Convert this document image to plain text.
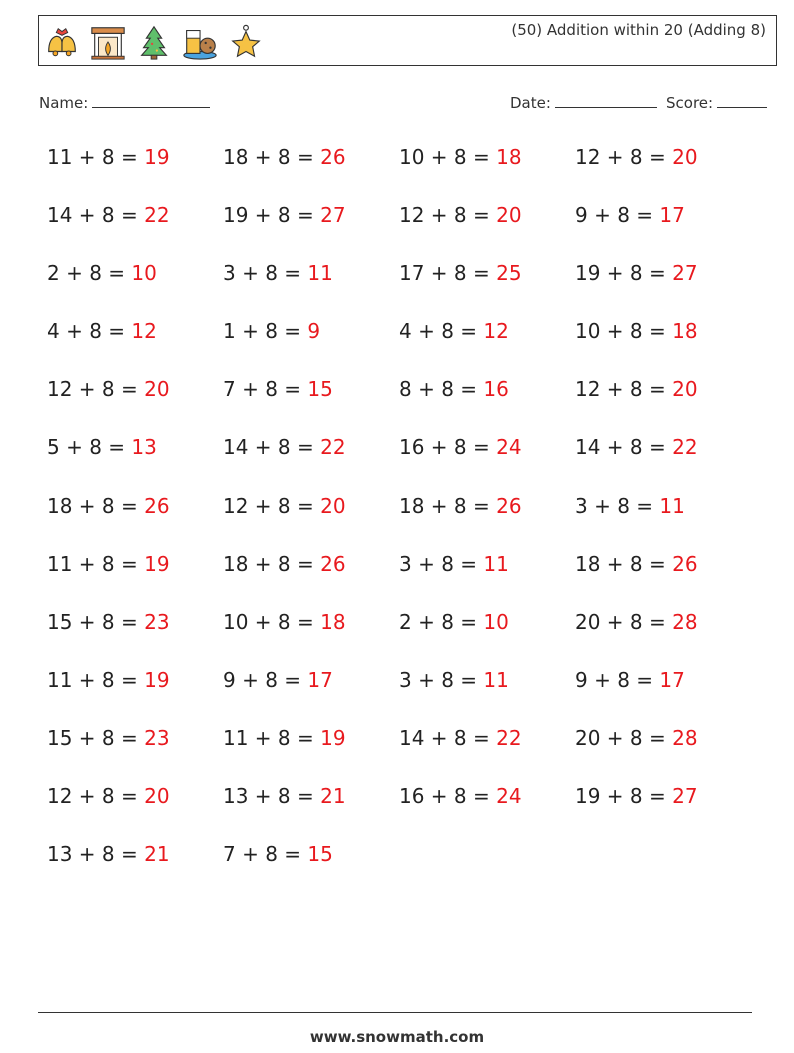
(50) Addition within 20 (Adding 8)
Name:	Date:	Score:
11 + 8 = 19	18 + 8 = 26	10 + 8 = 18	12 + 8 = 20
14 + 8 = 22	19 + 8 = 27	12 + 8 = 20	9 + 8 = 17
2 + 8 = 10	3 + 8 = 11	17 + 8 = 25	19 + 8 = 27
4 + 8 = 12	1 + 8 = 9	4 + 8 = 12	10 + 8 = 18
12 + 8 = 20	7 + 8 = 15	8 + 8 = 16	12 + 8 = 20
5 + 8 = 13	14 + 8 = 22	16 + 8 = 24	14 + 8 = 22
18 + 8 = 26	12 + 8 = 20	18 + 8 = 26	3 + 8 = 11
11 + 8 = 19	18 + 8 = 26	3 + 8 = 11	18 + 8 = 26
15 + 8 = 23	10 + 8 = 18	2 + 8 = 10	20 + 8 = 28
11 + 8 = 19	9 + 8 = 17	3 + 8 = 11	9 + 8 = 17
15 + 8 = 23	11 + 8 = 19	14 + 8 = 22	20 + 8 = 28
12 + 8 = 20	13 + 8 = 21	16 + 8 = 24	19 + 8 = 27
13 + 8 = 21	7 + 8 = 15
www.snowmath.com
